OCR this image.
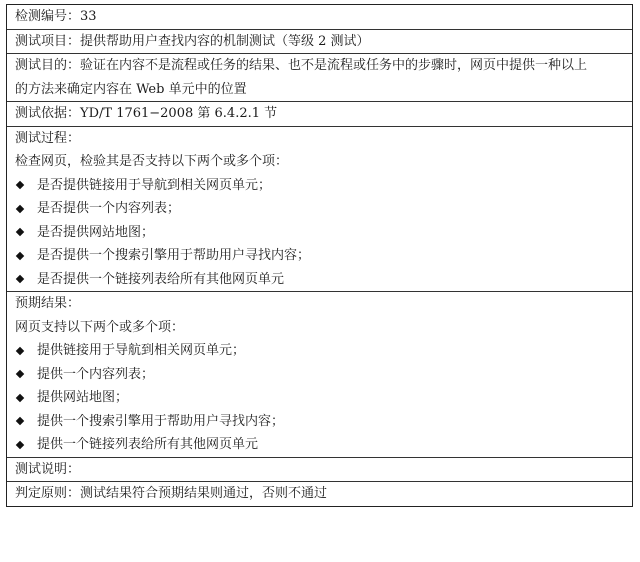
检测编号：33
测试项目：提供帮助用户查找内容的机制测试（等级 2 测试）
测试目的：验证在内容不是流程或任务的结果、也不是流程或任务中的步骤时，网页中提供一种以上
的方法来确定内容在 Web 单元中的位置
测试依据：YD/T 1761−2008 第 6.4.2.1 节
测试过程：
检查网页，检验其是否支持以下两个或多个项：
是否提供链接用于导航到相关网页单元；
是否提供一个内容列表；
是否提供网站地图；
是否提供一个搜索引擎用于帮助用户寻找内容；
是否提供一个链接列表给所有其他网页单元
预期结果：
网页支持以下两个或多个项：
提供链接用于导航到相关网页单元；
提供一个内容列表；
提供网站地图；
提供一个搜索引擎用于帮助用户寻找内容；
提供一个链接列表给所有其他网页单元
测试说明：
判定原则：测试结果符合预期结果则通过，否则不通过
